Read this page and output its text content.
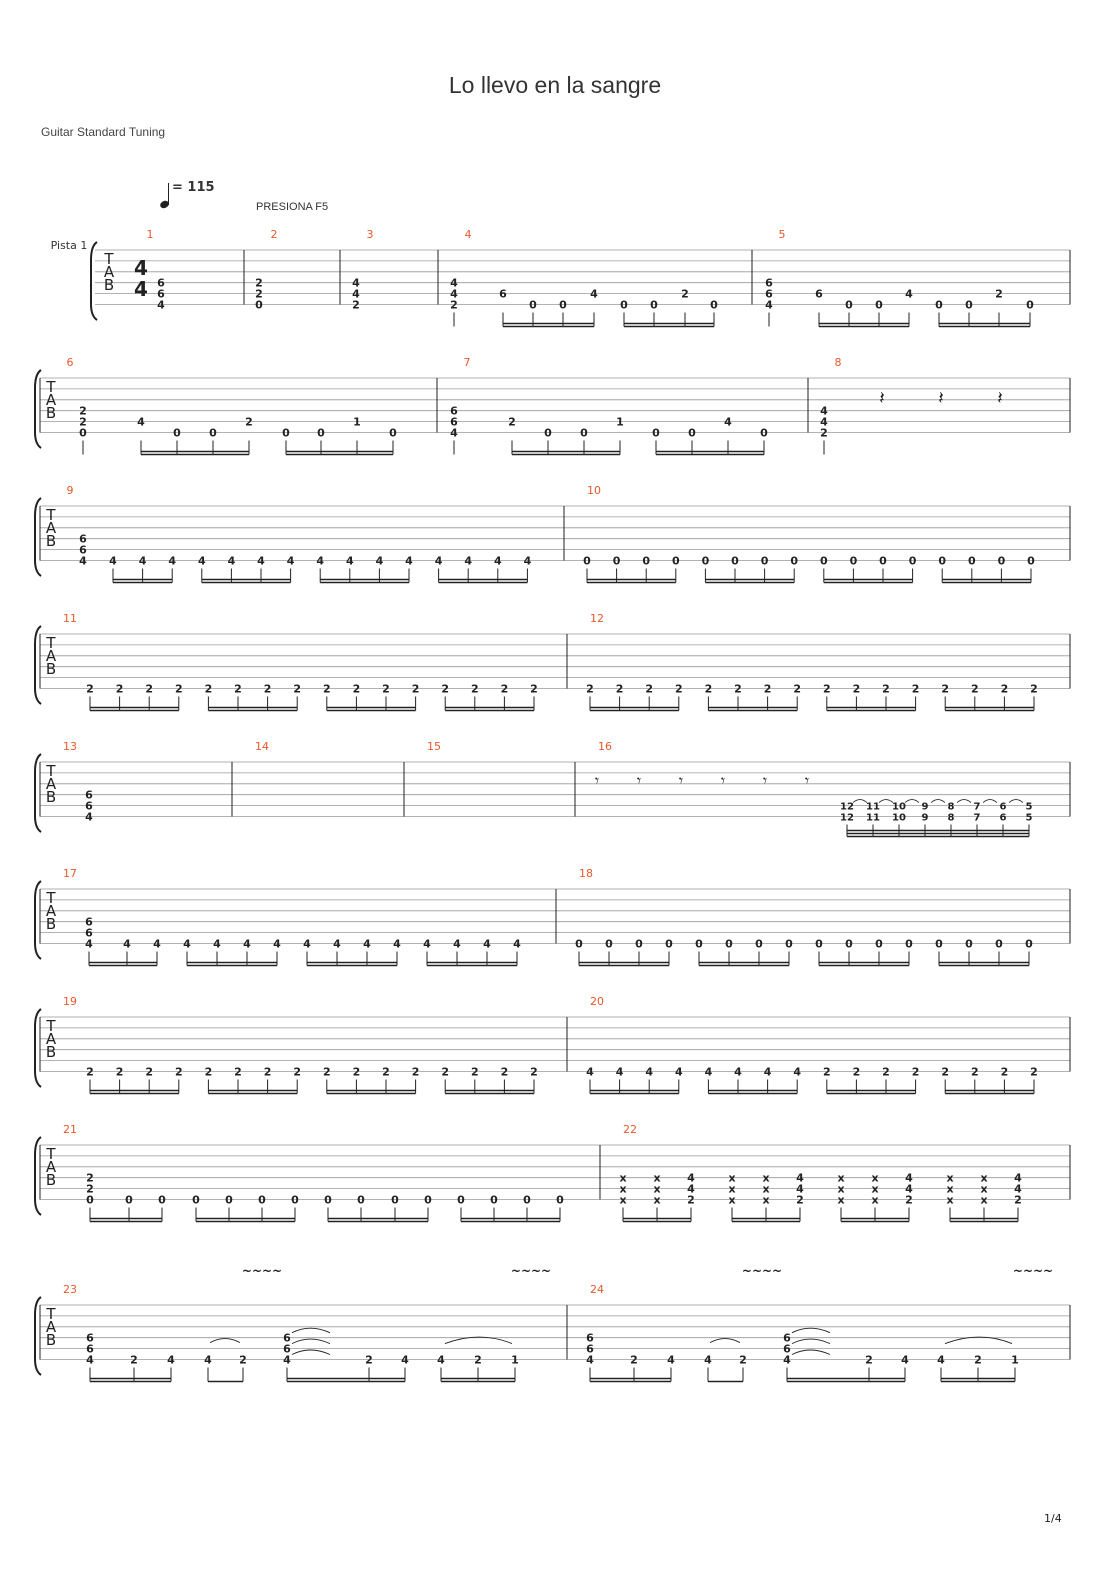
Lo llevo en la sangre
Guitar Standard Tuning
= 115
PRESIONA F5
1/4
T
A
B
Pista 1
4
4
1	2	3	4	5
6
6
4
2
2
0
4
4
2
4
4
2
6
0 0
4
0 0
2
0
6
6
4
6
0 0
4
0 0
2
0
T
A
B
6	7	8
2
2
0
4
0	0
2
0 0
1
0
6
6
4
2
0	0
1
0	0
4
0
4
4
2
𝄽	𝄽	𝄽
T
A
B
9	10
6
6
4 4 4 4 4 4 4 4 4 4 4 4 4 4 4 4	0 0 0 0 0 0 0 0 0 0 0 0 0 0 0 0
T
A
B
11	12
2 2 2 2 2 2 2 2 2 2 2 2 2 2 2 2	2 2 2 2 2 2 2 2 2 2 2 2 2 2 2 2
T
A
B
13	14	15	16
6
6
4
𝄾 𝄾 𝄾 𝄾 𝄾 𝄾
12
12
11
11
10
10
9
9
8
8
7
7
6
6
5
5
T
A
B
17	18
6
6
4	4 4 4 4 4 4 4 4 4 4 4 4 4 4	0 0 0 0 0 0 0 0 0 0 0 0 0 0 0 0
T
A
B
19	20
2 2 2 2 2 2 2 2 2 2 2 2 2 2 2 2	4 4 4 4 4 4 4 4 2 2 2 2 2 2 2 2
T
A
B
21	22
2
2
0	0 0 0 0 0 0 0 0 0 0 0 0 0 0
x
x
x
x
x
x
4
4
2
x
x
x
x
x
x
4
4
2
x
x
x
x
x
x
4
4
2
x
x
x
x
x
x
4
4
2
T
A
B
23	24
6
6
4	2	4	4 2
6
6
4	2	4	4	2	1
~~~~	~~~~
6
6
4	2	4	4 2
6
6
4	2	4	4	2	1
~~~~	~~~~
